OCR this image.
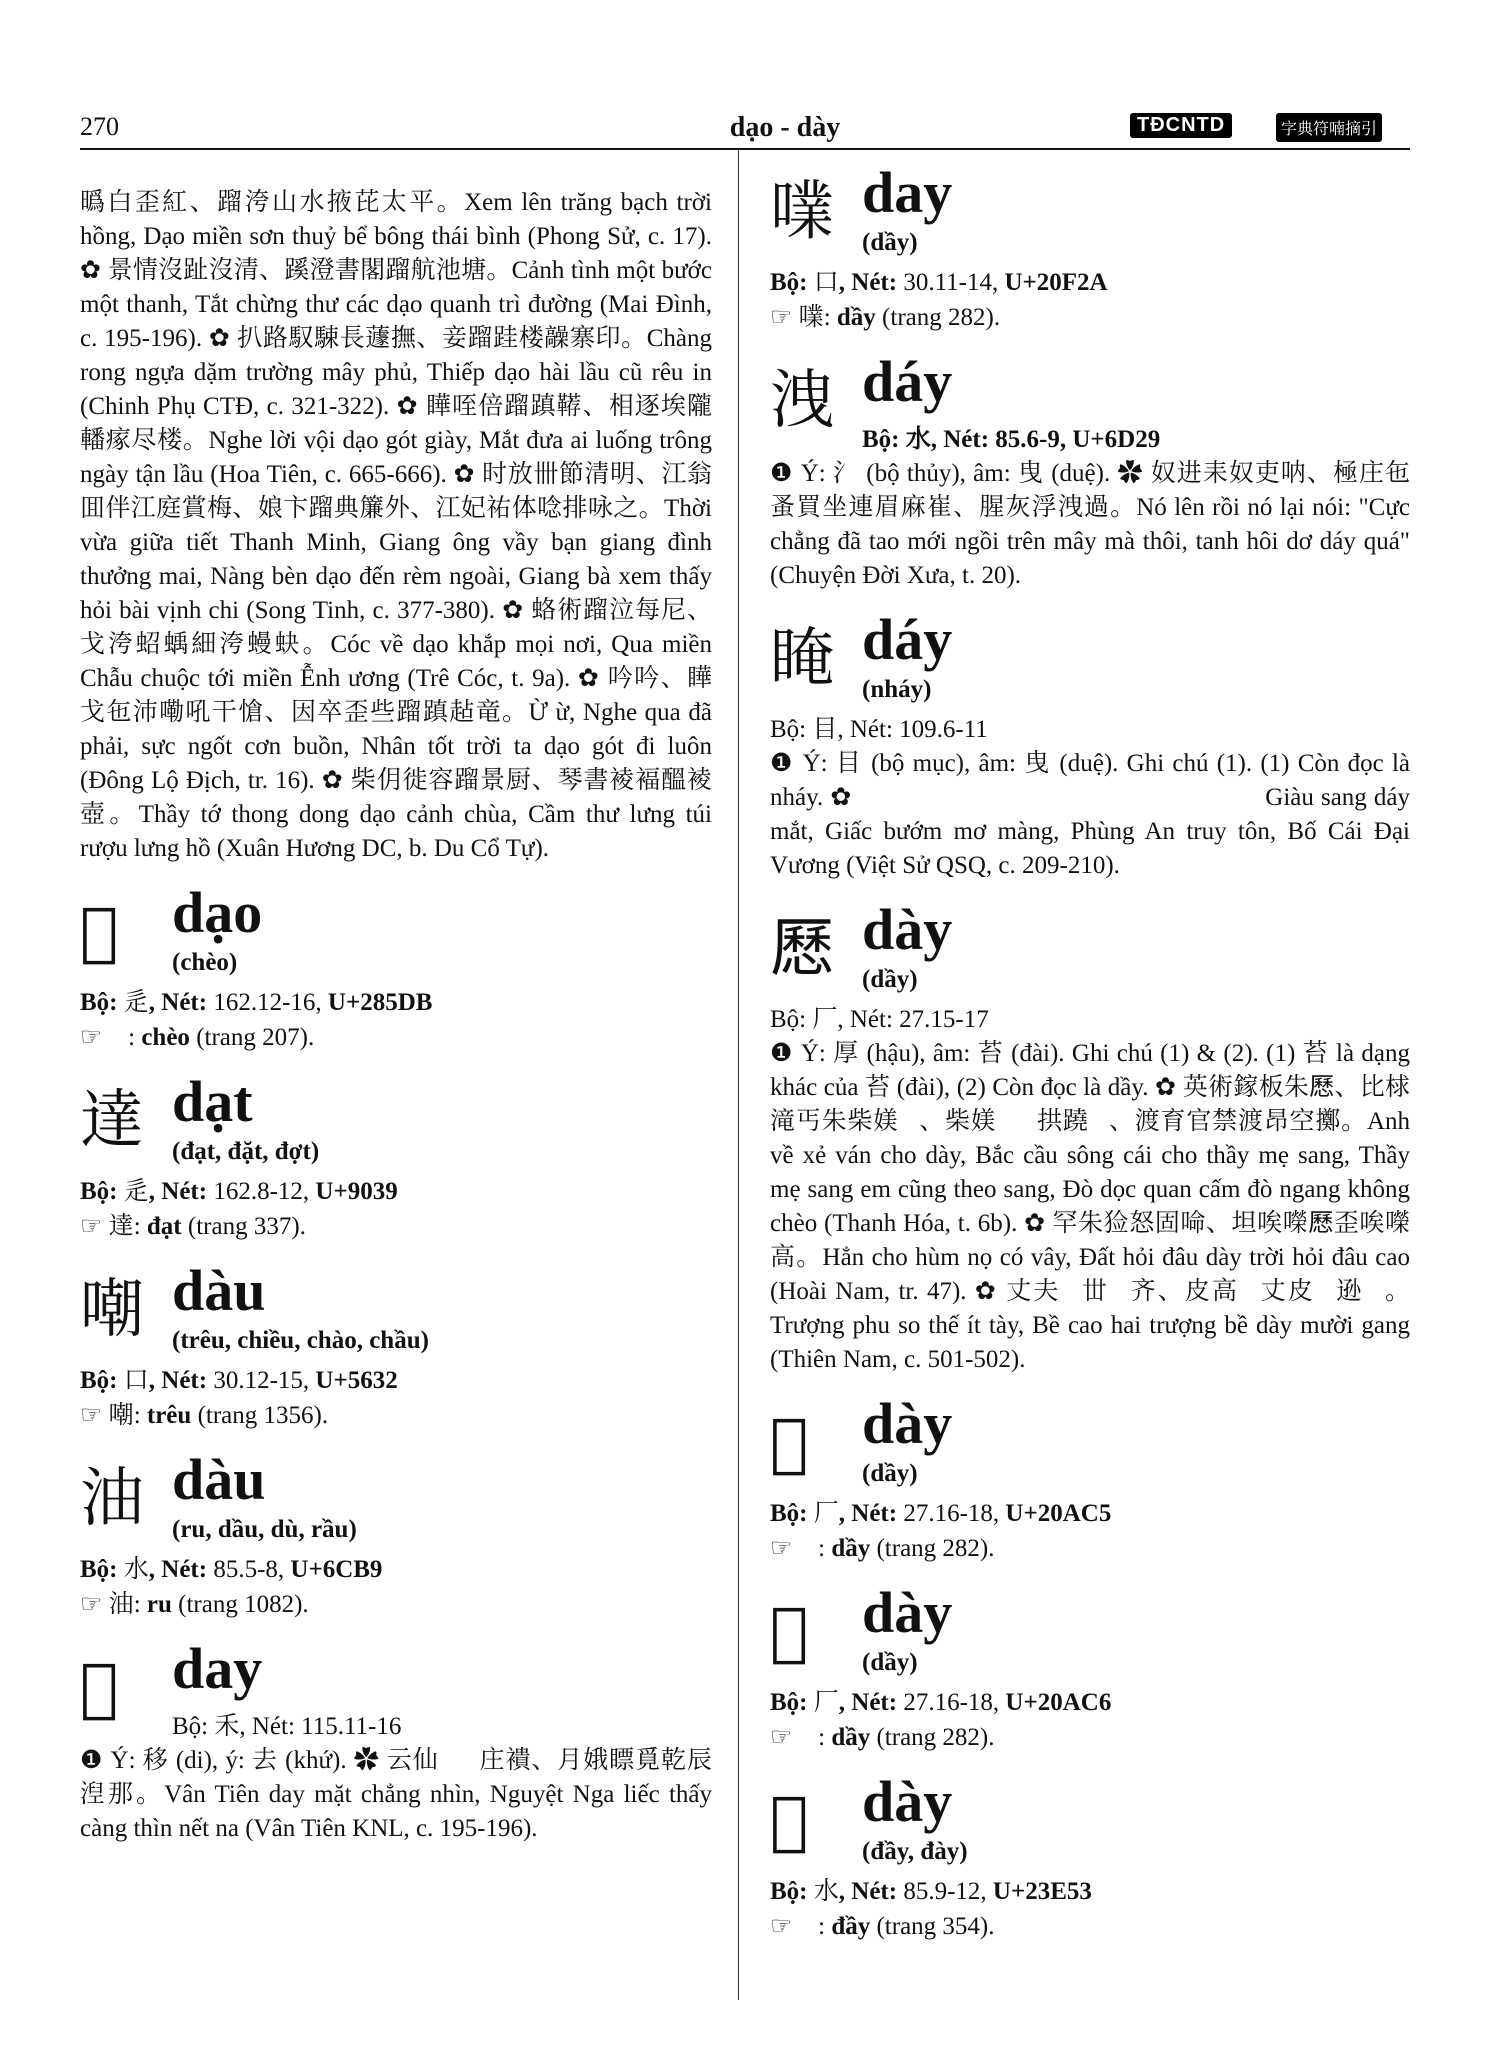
270	dạo - dày	TĐCNTD	字典符喃摘引

㬙白歪紅、蹓洿山水掖芘太平。Xem lên trăng bạch trời hồng, Dạo miền sơn thuỷ bể bông thái bình (Phong Sử, c. 17). ✿ 景情沒趾沒清、蹊澄書閣蹓航池塘。Cảnh tình một bước một thanh, Tắt chừng thư các dạo quanh trì đường (Mai Đình, c. 195-196). ✿ 扒路馭駷長蘧撫、妾蹓跬楼髞寨印。Chàng rong ngựa dặm trường mây phủ, Thiếp dạo hài lầu cũ rêu in (Chinh Phụ CTĐ, c. 321-322). ✿ 瞱咥倍蹓蹎鞯、相逐埃隴轓瘃尽楼。Nghe lời vội dạo gót giày, Mắt đưa ai luống trông ngày tận lầu (Hoa Tiên, c. 665-666). ✿ 时放卌節清明、江翁囬伴江庭賞梅、娘卞蹓典簾外、江妃祐体唸排咏之。Thời vừa giữa tiết Thanh Minh, Giang ông vầy bạn giang đình thưởng mai, Nàng bèn dạo đến rèm ngoài, Giang bà xem thấy hỏi bài vịnh chi (Song Tinh, c. 377-380). ✿ 蛒術蹓泣每尼、戈洿蛁蝺細洿蟃蚗。Cóc về dạo khắp mọi nơi, Qua miền Chẫu chuộc tới miền Ễnh ương (Trê Cóc, t. 9a). ✿ 吟吟、瞱戈㐌沛嘞吼干愴、因卒歪些蹓蹎趈竜。Ừ ừ, Nghe qua đã phải, sực ngốt cơn buồn, Nhân tốt trời ta dạo gót đi luôn (Đông Lộ Địch, tr. 16). ✿ 柴仴徙容蹓景厨、琴書裬褔醞裬壺。Thầy tớ thong dong dạo cảnh chùa, Cầm thư lưng túi rượu lưng hồ (Xuân Hương DC, b. Du Cổ Tự).

𨗛 dạo
(chèo)

Bộ: 辵, Nét: 162.12-16, U+285DB

☞ 𨗛: chèo (trang 207).

達 dạt
(đạt, đặt, đợt)

Bộ: 辵, Nét: 162.8-12, U+9039

☞ 達: đạt (trang 337).

嘲 dàu
(trêu, chiều, chào, chầu)

Bộ: 口, Nét: 30.12-15, U+5632

☞ 嘲: trêu (trang 1356).

油 dàu
(ru, dầu, dù, rầu)

Bộ: 水, Nét: 85.5-8, U+6CB9

☞ 油: ru (trang 1082).

𥟵 day

Bộ: 禾, Nét: 115.11-16

❶ Ý: 移 (di), ý: 去 (khứ). ✿ 云仙𥟵𩈘庄䙡、月娥瞟覓乾辰湼那。Vân Tiên day mặt chẳng nhìn, Nguyệt Nga liếc thấy càng thìn nết na (Vân Tiên KNL, c. 195-196).

㗼 day
(dầy)

Bộ: 口, Nét: 30.11-14, U+20F2A

☞ 㗼: dầy (trang 282).

洩 dáy

Bộ: 水, Nét: 85.6-9, U+6D29

❶ Ý: 氵 (bộ thủy), âm: 曳 (duệ). ✿ 奴进耒奴吏呐、極庄㐌蚤買坐連眉麻崔、腥灰浮洩過。Nó lên rồi nó lại nói: "Cực chẳng đã tao mới ngồi trên mây mà thôi, tanh hôi dơ dáy quá" (Chuyện Đời Xưa, t. 20).

䁆 dáy
(nháy)

Bộ: 目, Nét: 109.6-11

❶ Ý: 目 (bộ mục), âm: 曳 (duệ). Ghi chú (1). (1) Còn đọc là nháy. ✿ 𩼀鼠䁆眛、䏹蚿𥊚𥈴、馮安追尊、布蓋大王。Giàu sang dáy mắt, Giấc bướm mơ màng, Phùng An truy tôn, Bố Cái Đại Vương (Việt Sử QSQ, c. 209-210).

𠪾 dày
(dầy)

Bộ: 厂, Nét: 27.15-17

❶ Ý: 厚 (hậu), âm: 苔 (đài). Ghi chú (1) & (2). (1) 苔 là dạng khác của 苔 (đài), (2) Còn đọc là dầy. ✿ 英術鎵板朱𠪾、比梂滝丐朱柴媄𨒺、柴媄𨒺𡛔拱蹺𨒺、渡育官禁渡昂空擲。Anh về xẻ ván cho dày, Bắc cầu sông cái cho thầy mẹ sang, Thầy mẹ sang em cũng theo sang, Đò dọc quan cấm đò ngang không chèo (Thanh Hóa, t. 6b). ✿ 罕朱猃怒固𠵴、坦唉㘇𠪾歪唉㘇高。Hẳn cho hùm nọ có vây, Đất hỏi đâu dày trời hỏi đâu cao (Hoài Nam, tr. 47). ✿ 丈夫𨎟丗𠇍齐、皮高𠄩丈皮𠪾逊𠺥。Trượng phu so thế ít tày, Bề cao hai trượng bề dày mười gang (Thiên Nam, c. 501-502).

𠫅 dày
(dầy)

Bộ: 厂, Nét: 27.16-18, U+20AC5

☞ 𠫅: dầy (trang 282).

𠫆 dày
(dầy)

Bộ: 厂, Nét: 27.16-18, U+20AC6

☞ 𠫆: dầy (trang 282).

𣺓 dày
(đầy, đày)

Bộ: 水, Nét: 85.9-12, U+23E53

☞ 𣺓: đầy (trang 354).
